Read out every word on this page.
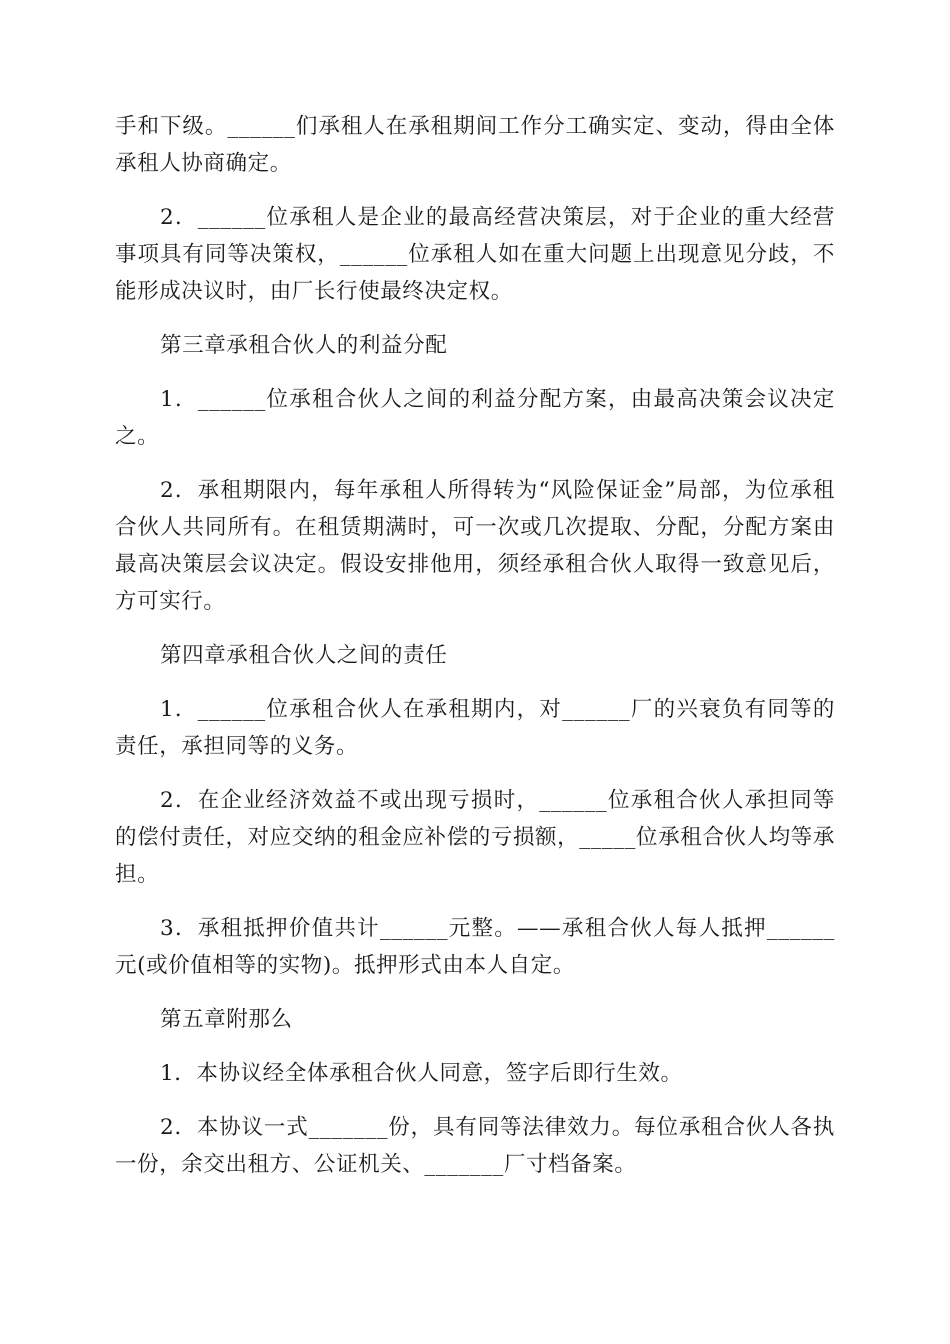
手和下级。______们承租人在承租期间工作分工确实定、变动，得由全体承租人协商确定。

2．______位承租人是企业的最高经营决策层，对于企业的重大经营事项具有同等决策权，______位承租人如在重大问题上出现意见分歧，不能形成决议时，由厂长行使最终决定权。

第三章承租合伙人的利益分配

1．______位承租合伙人之间的利益分配方案，由最高决策会议决定之。

2．承租期限内，每年承租人所得转为“风险保证金”局部，为位承租合伙人共同所有。在租赁期满时，可一次或几次提取、分配，分配方案由最高决策层会议决定。假设安排他用，须经承租合伙人取得一致意见后，方可实行。

第四章承租合伙人之间的责任

1．______位承租合伙人在承租期内，对______厂的兴衰负有同等的责任，承担同等的义务。

2．在企业经济效益不或出现亏损时，______位承租合伙人承担同等的偿付责任，对应交纳的租金应补偿的亏损额，_____位承租合伙人均等承担。

3．承租抵押价值共计______元整。——承租合伙人每人抵押______元(或价值相等的实物)。抵押形式由本人自定。

第五章附那么

1．本协议经全体承租合伙人同意，签字后即行生效。

2．本协议一式_______份，具有同等法律效力。每位承租合伙人各执一份，余交出租方、公证机关、_______厂寸档备案。
